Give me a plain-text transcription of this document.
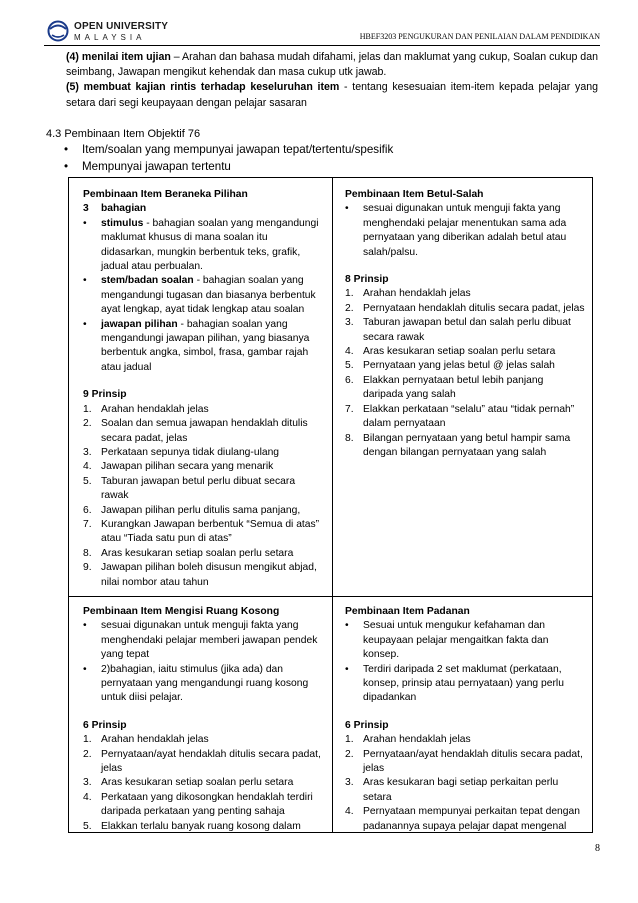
OPEN UNIVERSITY
MALAYSIA	HBEF3203 PENGUKURAN DAN PENILAIAN DALAM PENDIDIKAN

(4) menilai item ujian – Arahan dan bahasa mudah difahami, jelas dan maklumat yang cukup, Soalan cukup dan seimbang, Jawapan mengikut kehendak dan masa cukup utk jawab.

(5) membuat kajian rintis terhadap keseluruhan item - tentang kesesuaian item-item kepada pelajar yang setara dari segi keupayaan dengan pelajar sasaran

4.3 Pembinaan Item Objektif 76
• Item/soalan yang mempunyai jawapan tepat/tertentu/spesifik
• Mempunyai jawapan tertentu
Pembinaan Item Beraneka Pilihan
3 bahagian
• stimulus - bahagian soalan yang mengandungi maklumat khusus di mana soalan itu didasarkan, mungkin berbentuk teks, grafik, jadual atau perbualan.
• stem/badan soalan - bahagian soalan yang mengandungi tugasan dan biasanya berbentuk ayat lengkap, ayat tidak lengkap atau soalan
• jawapan pilihan - bahagian soalan yang mengandungi jawapan pilihan, yang biasanya berbentuk angka, simbol, frasa, gambar rajah atau jadual
9 Prinsip
1. Arahan hendaklah jelas
2. Soalan dan semua jawapan hendaklah ditulis secara padat, jelas
3. Perkataan sepunya tidak diulang-ulang
4. Jawapan pilihan secara yang menarik
5. Taburan jawapan betul perlu dibuat secara rawak
6. Jawapan pilihan perlu ditulis sama panjang,
7. Kurangkan Jawapan berbentuk “Semua di atas” atau “Tiada satu pun di atas”
8. Aras kesukaran setiap soalan perlu setara
9. Jawapan pilihan boleh disusun mengikut abjad, nilai nombor atau tahun
Pembinaan Item Betul-Salah
• sesuai digunakan untuk menguji fakta yang menghendaki pelajar menentukan sama ada pernyataan yang diberikan adalah betul atau salah/palsu.
8 Prinsip
1. Arahan hendaklah jelas
2. Pernyataan hendaklah ditulis secara padat, jelas
3. Taburan jawapan betul dan salah perlu dibuat secara rawak
4. Aras kesukaran setiap soalan perlu setara
5. Pernyataan yang jelas betul @ jelas salah
6. Elakkan pernyataan betul lebih panjang daripada yang salah
7. Elakkan perkataan “selalu” atau “tidak pernah” dalam pernyataan
8. Bilangan pernyataan yang betul hampir sama dengan bilangan pernyataan yang salah
Pembinaan Item Mengisi Ruang Kosong
• sesuai digunakan untuk menguji fakta yang menghendaki pelajar memberi jawapan pendek yang tepat
• 2)bahagian, iaitu stimulus (jika ada) dan pernyataan yang mengandungi ruang kosong untuk diisi pelajar.
6 Prinsip
1. Arahan hendaklah jelas
2. Pernyataan/ayat hendaklah ditulis secara padat, jelas
3. Aras kesukaran setiap soalan perlu setara
4. Perkataan yang dikosongkan hendaklah terdiri daripada perkataan yang penting sahaja
5. Elakkan terlalu banyak ruang kosong dalam
Pembinaan Item Padanan
• Sesuai untuk mengukur kefahaman dan keupayaan pelajar mengaitkan fakta dan konsep.
• Terdiri daripada 2 set maklumat (perkataan, konsep, prinsip atau pernyataan) yang perlu dipadankan
6 Prinsip
1. Arahan hendaklah jelas
2. Pernyataan/ayat hendaklah ditulis secara padat, jelas
3. Aras kesukaran bagi setiap perkaitan perlu setara
4. Pernyataan mempunyai perkaitan tepat dengan padanannya supaya pelajar dapat mengenal
8
